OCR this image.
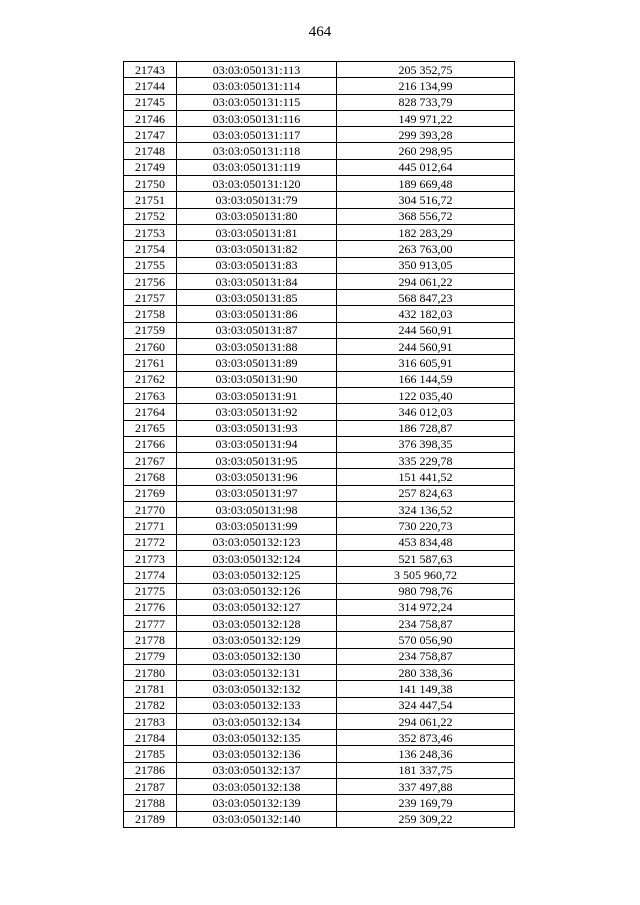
464
21743	03:03:050131:113	205 352,75
21744	03:03:050131:114	216 134,99
21745	03:03:050131:115	828 733,79
21746	03:03:050131:116	149 971,22
21747	03:03:050131:117	299 393,28
21748	03:03:050131:118	260 298,95
21749	03:03:050131:119	445 012,64
21750	03:03:050131:120	189 669,48
21751	03:03:050131:79	304 516,72
21752	03:03:050131:80	368 556,72
21753	03:03:050131:81	182 283,29
21754	03:03:050131:82	263 763,00
21755	03:03:050131:83	350 913,05
21756	03:03:050131:84	294 061,22
21757	03:03:050131:85	568 847,23
21758	03:03:050131:86	432 182,03
21759	03:03:050131:87	244 560,91
21760	03:03:050131:88	244 560,91
21761	03:03:050131:89	316 605,91
21762	03:03:050131:90	166 144,59
21763	03:03:050131:91	122 035,40
21764	03:03:050131:92	346 012,03
21765	03:03:050131:93	186 728,87
21766	03:03:050131:94	376 398,35
21767	03:03:050131:95	335 229,78
21768	03:03:050131:96	151 441,52
21769	03:03:050131:97	257 824,63
21770	03:03:050131:98	324 136,52
21771	03:03:050131:99	730 220,73
21772	03:03:050132:123	453 834,48
21773	03:03:050132:124	521 587,63
21774	03:03:050132:125	3 505 960,72
21775	03:03:050132:126	980 798,76
21776	03:03:050132:127	314 972,24
21777	03:03:050132:128	234 758,87
21778	03:03:050132:129	570 056,90
21779	03:03:050132:130	234 758,87
21780	03:03:050132:131	280 338,36
21781	03:03:050132:132	141 149,38
21782	03:03:050132:133	324 447,54
21783	03:03:050132:134	294 061,22
21784	03:03:050132:135	352 873,46
21785	03:03:050132:136	136 248,36
21786	03:03:050132:137	181 337,75
21787	03:03:050132:138	337 497,88
21788	03:03:050132:139	239 169,79
21789	03:03:050132:140	259 309,22
